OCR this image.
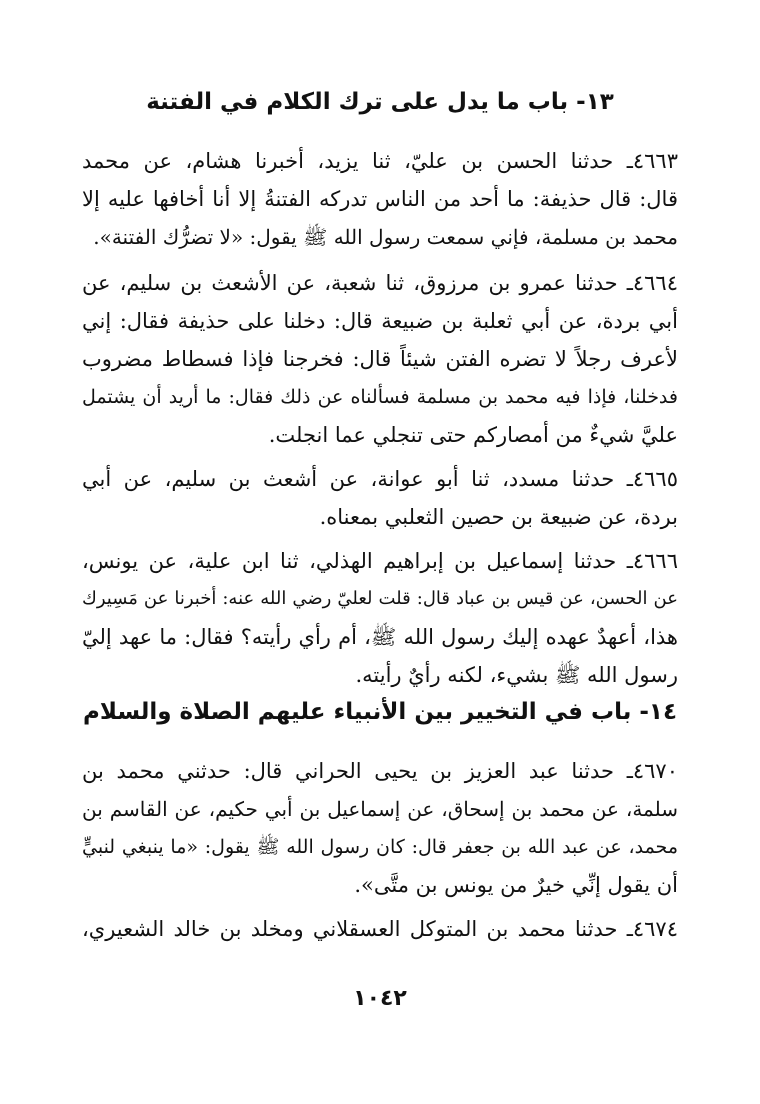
١٣- باب ما يدل على ترك الكلام في الفتنة

٤٦٦٣ـ حدثنا الحسن بن عليّ، ثنا يزيد، أخبرنا هشام، عن محمد

قال: قال حذيفة: ما أحد من الناس تدركه الفتنةُ إلا أنا أخافها عليه إلا

محمد بن مسلمة، فإني سمعت رسول الله ﷺ يقول: «لا تضرُّك الفتنة».

٤٦٦٤ـ حدثنا عمرو بن مرزوق، ثنا شعبة، عن الأشعث بن سليم، عن

أبي بردة، عن أبي ثعلبة بن ضبيعة قال: دخلنا على حذيفة فقال: إني

لأعرف رجلاً لا تضره الفتن شيئاً قال: فخرجنا فإذا فسطاط مضروب

فدخلنا، فإذا فيه محمد بن مسلمة فسألناه عن ذلك فقال: ما أريد أن يشتمل

عليَّ شيءٌ من أمصاركم حتى تنجلي عما انجلت.

٤٦٦٥ـ حدثنا مسدد، ثنا أبو عوانة، عن أشعث بن سليم، عن أبي

بردة، عن ضبيعة بن حصين الثعلبي بمعناه.

٤٦٦٦ـ حدثنا إسماعيل بن إبراهيم الهذلي، ثنا ابن علية، عن يونس،

عن الحسن، عن قيس بن عباد قال: قلت لعليّ رضي الله عنه: أخبرنا عن مَسِيرك

هذا، أعهدٌ عهده إليك رسول الله ﷺ، أم رأي رأيته؟ فقال: ما عهد إليّ

رسول الله ﷺ بشيء، لكنه رأيٌ رأيته.

١٤- باب في التخيير بين الأنبياء عليهم الصلاة والسلام

٤٦٧٠ـ حدثنا عبد العزيز بن يحيى الحراني قال: حدثني محمد بن

سلمة، عن محمد بن إسحاق، عن إسماعيل بن أبي حكيم، عن القاسم بن

محمد، عن عبد الله بن جعفر قال: كان رسول الله ﷺ يقول: «ما ينبغي لنبيٍّ

أن يقول إنِّي خيرٌ من يونس بن متَّى».

٤٦٧٤ـ حدثنا محمد بن المتوكل العسقلاني ومخلد بن خالد الشعيري،

١٠٤٢
